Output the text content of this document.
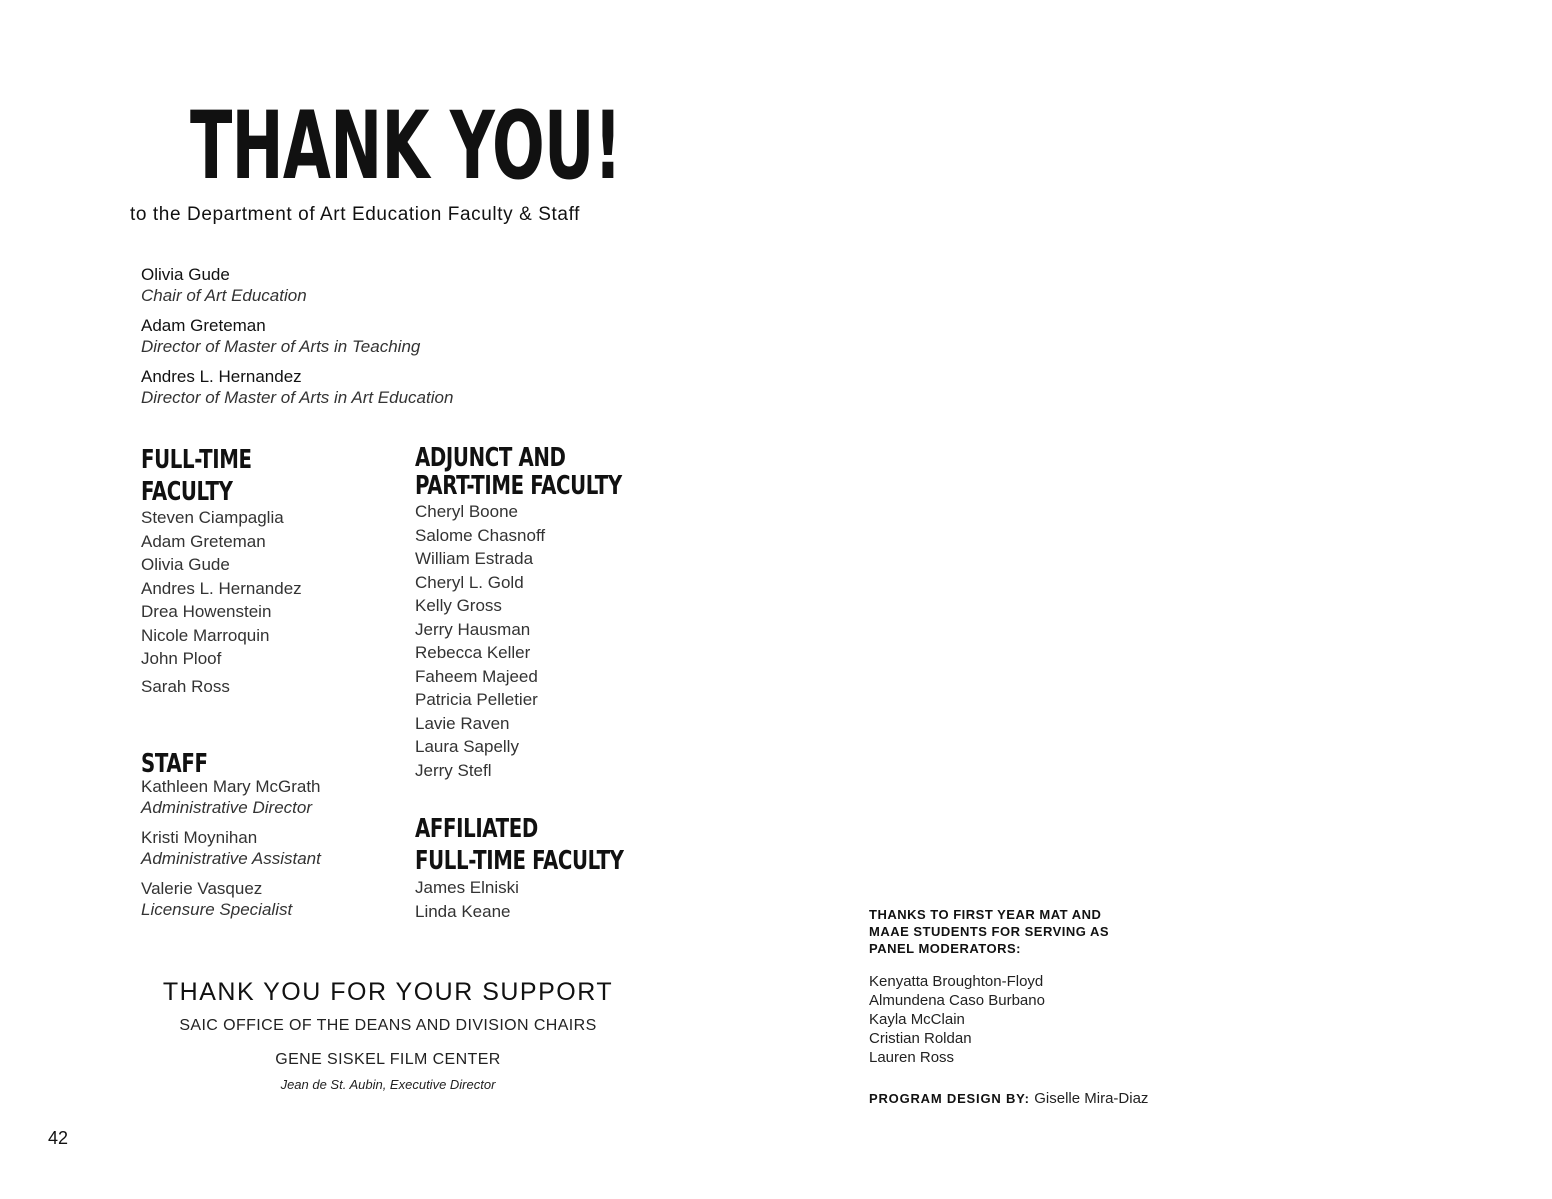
THANK YOU!
to the Department of Art Education Faculty & Staff
Olivia Gude
Chair of Art Education
Adam Greteman
Director of Master of Arts in Teaching
Andres L. Hernandez
Director of Master of Arts in Art Education
FULL-TIME
FACULTY
Steven Ciampaglia
Adam Greteman
Olivia Gude
Andres L. Hernandez
Drea Howenstein
Nicole Marroquin
John Ploof
Sarah Ross
ADJUNCT AND
PART-TIME FACULTY
Cheryl Boone
Salome Chasnoff
William Estrada
Cheryl L. Gold
Kelly Gross
Jerry Hausman
Rebecca Keller
Faheem Majeed
Patricia Pelletier
Lavie Raven
Laura Sapelly
Jerry Stefl
STAFF
Kathleen Mary McGrath
Administrative Director
Kristi Moynihan
Administrative Assistant
Valerie Vasquez
Licensure Specialist
AFFILIATED
FULL-TIME FACULTY
James Elniski
Linda Keane
THANK YOU FOR YOUR SUPPORT
SAIC OFFICE OF THE DEANS AND DIVISION CHAIRS
GENE SISKEL FILM CENTER
Jean de St. Aubin, Executive Director
THANKS TO FIRST YEAR MAT AND MAAE STUDENTS FOR SERVING AS PANEL MODERATORS:
Kenyatta Broughton-Floyd
Almundena Caso Burbano
Kayla McClain
Cristian Roldan
Lauren Ross
PROGRAM DESIGN BY: Giselle Mira-Diaz
42
